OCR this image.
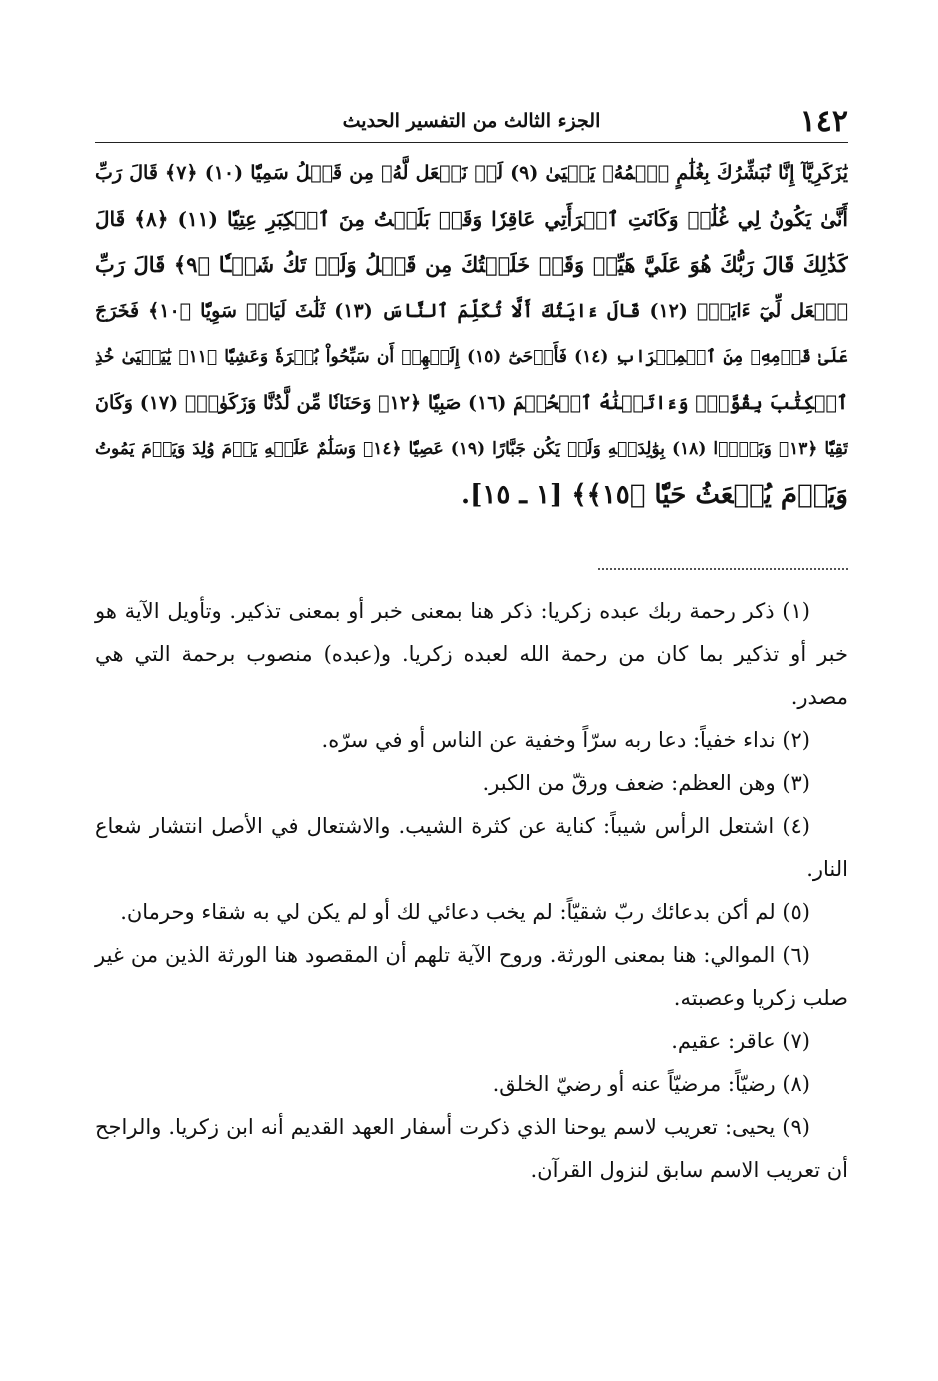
١٤٢
الجزء الثالث من التفسير الحديث
يَٰزَكَرِيَّآ إِنَّا نُبَشِّرُكَ بِغُلَٰمٍ ٱسۡمُهُۥ يَحۡيَىٰ (٩) لَمۡ نَجۡعَل لَّهُۥ مِن قَبۡلُ سَمِيّٗا (١٠) ﴿٧﴾ قَالَ رَبِّ
أَنَّىٰ يَكُونُ لِي غُلَٰمٞ وَكَانَتِ ٱمۡرَأَتِي عَاقِرٗا وَقَدۡ بَلَغۡتُ مِنَ ٱلۡكِبَرِ عِتِيّٗا (١١) ﴿٨﴾ قَالَ
كَذَٰلِكَ قَالَ رَبُّكَ هُوَ عَلَيَّ هَيِّنٞ وَقَدۡ خَلَقۡتُكَ مِن قَبۡلُ وَلَمۡ تَكُ شَيۡـٔٗا ﴿٩﴾ قَالَ رَبِّ
ٱجۡعَل لِّيٓ ءَايَةٗۖ (١٢) قَالَ ءَايَتُكَ أَلَّا تُكَلِّمَ ٱلنَّاسَ (١٣) ثَلَٰثَ لَيَالٖ سَوِيّٗا ﴿١٠﴾ فَخَرَجَ
عَلَىٰ قَوۡمِهِۦ مِنَ ٱلۡمِحۡرَابِ (١٤) فَأَوۡحَىٰٓ (١٥) إِلَيۡهِمۡ أَن سَبِّحُواْ بُكۡرَةٗ وَعَشِيّٗا ﴿١١﴾ يَٰيَحۡيَىٰ خُذِ
ٱلۡكِتَٰبَ بِقُوَّةٖۖ وَءَاتَيۡنَٰهُ ٱلۡحُكۡمَ (١٦) صَبِيّٗا ﴿١٢﴾ وَحَنَانٗا مِّن لَّدُنَّا وَزَكَوٰةٗۖ (١٧) وَكَانَ
تَقِيّٗا ﴿١٣﴾ وَبَرَّۢا (١٨) بِوَٰلِدَيۡهِ وَلَمۡ يَكُن جَبَّارًا (١٩) عَصِيّٗا ﴿١٤﴾ وَسَلَٰمٌ عَلَيۡهِ يَوۡمَ وُلِدَ وَيَوۡمَ يَمُوتُ
وَيَوۡمَ يُبۡعَثُ حَيّٗا ﴿١٥﴾﴾ [١ ـ ١٥].
(١) ذكر رحمة ربك عبده زكريا: ذكر هنا بمعنى خبر أو بمعنى تذكير. وتأويل الآية هو خبر أو تذكير بما كان من رحمة الله لعبده زكريا. و(عبده) منصوب برحمة التي هي مصدر.
(٢) نداء خفياً: دعا ربه سرّاً وخفية عن الناس أو في سرّه.
(٣) وهن العظم: ضعف ورقّ من الكبر.
(٤) اشتعل الرأس شيباً: كناية عن كثرة الشيب. والاشتعال في الأصل انتشار شعاع النار.
(٥) لم أكن بدعائك ربّ شقيّاً: لم يخب دعائي لك أو لم يكن لي به شقاء وحرمان.
(٦) الموالي: هنا بمعنى الورثة. وروح الآية تلهم أن المقصود هنا الورثة الذين من غير صلب زكريا وعصبته.
(٧) عاقر: عقيم.
(٨) رضيّاً: مرضيّاً عنه أو رضيّ الخلق.
(٩) يحيى: تعريب لاسم يوحنا الذي ذكرت أسفار العهد القديم أنه ابن زكريا. والراجح أن تعريب الاسم سابق لنزول القرآن.
